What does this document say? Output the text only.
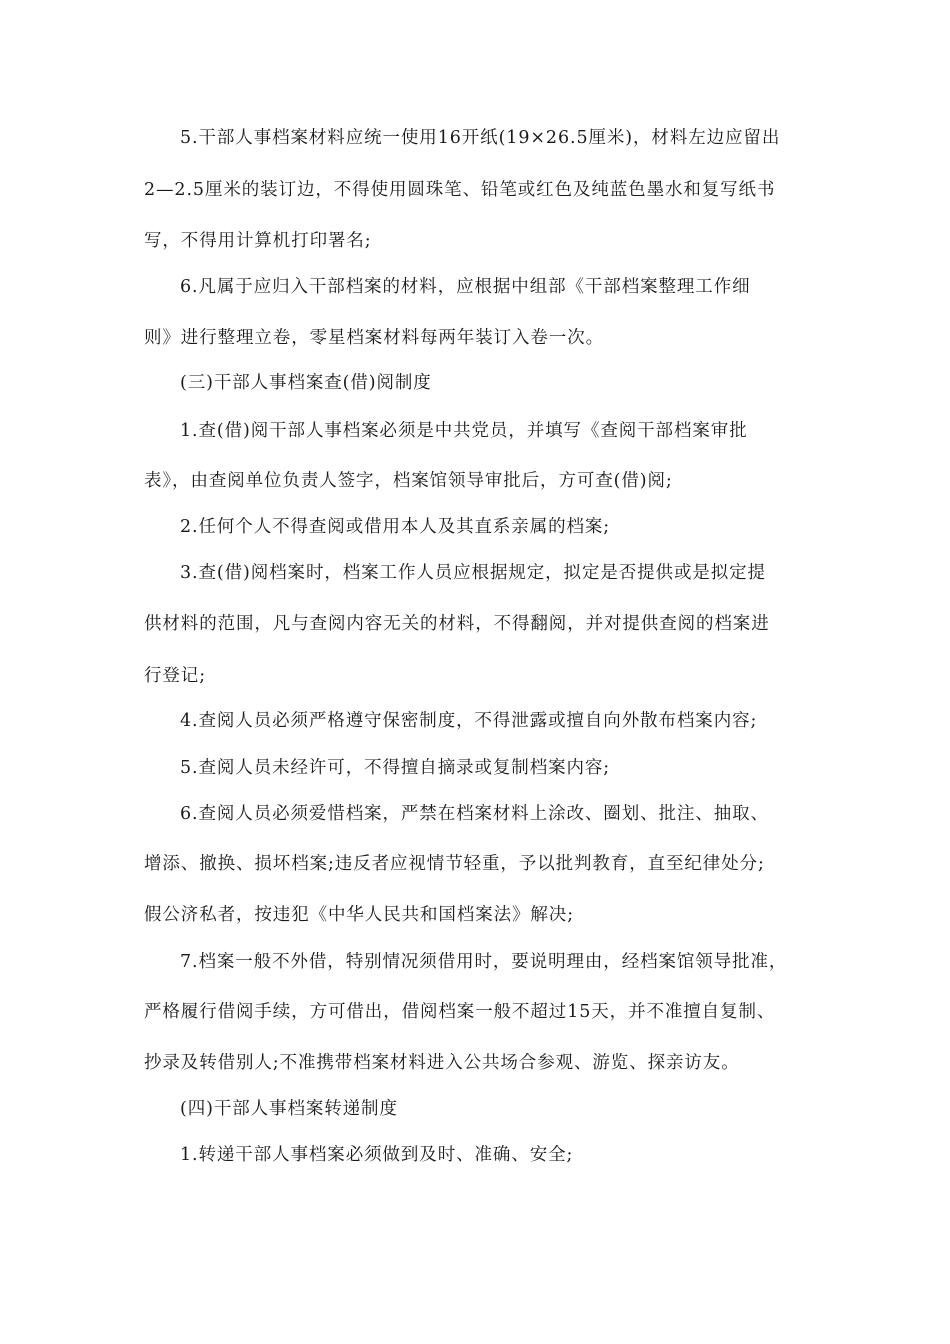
5.干部人事档案材料应统一使用16开纸(19×26.5厘米)，材料左边应留出
2—2.5厘米的装订边，不得使用圆珠笔、铅笔或红色及纯蓝色墨水和复写纸书
写，不得用计算机打印署名;
6.凡属于应归入干部档案的材料，应根据中组部《干部档案整理工作细
则》进行整理立卷，零星档案材料每两年装订入卷一次。
(三)干部人事档案查(借)阅制度
1.查(借)阅干部人事档案必须是中共党员，并填写《查阅干部档案审批
表》，由查阅单位负责人签字，档案馆领导审批后，方可查(借)阅;
2.任何个人不得查阅或借用本人及其直系亲属的档案;
3.查(借)阅档案时，档案工作人员应根据规定，拟定是否提供或是拟定提
供材料的范围，凡与查阅内容无关的材料，不得翻阅，并对提供查阅的档案进
行登记;
4.查阅人员必须严格遵守保密制度，不得泄露或擅自向外散布档案内容;
5.查阅人员未经许可，不得擅自摘录或复制档案内容;
6.查阅人员必须爱惜档案，严禁在档案材料上涂改、圈划、批注、抽取、
增添、撤换、损坏档案;违反者应视情节轻重，予以批判教育，直至纪律处分;
假公济私者，按违犯《中华人民共和国档案法》解决;
7.档案一般不外借，特别情况须借用时，要说明理由，经档案馆领导批准，
严格履行借阅手续，方可借出，借阅档案一般不超过15天，并不准擅自复制、
抄录及转借别人;不准携带档案材料进入公共场合参观、游览、探亲访友。
(四)干部人事档案转递制度
1.转递干部人事档案必须做到及时、准确、安全;
